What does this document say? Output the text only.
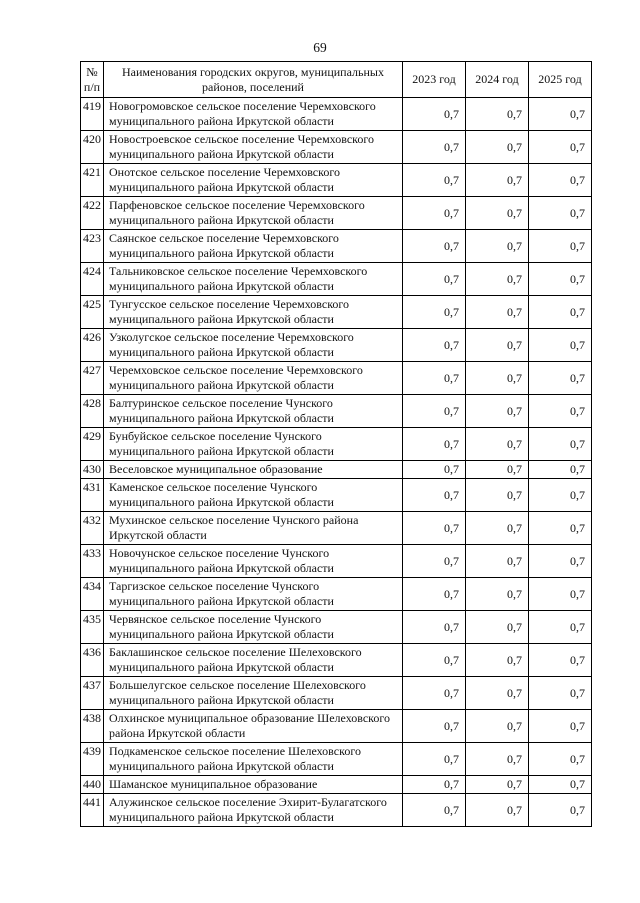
69
№ п/п	Наименования городских округов, муниципальных районов, поселений	2023 год	2024 год	2025 год
419	Новогромовское сельское поселение Черемховского муниципального района Иркутской области	0,7	0,7	0,7
420	Новостроевское сельское поселение Черемховского муниципального района Иркутской области	0,7	0,7	0,7
421	Онотское сельское поселение Черемховского муниципального района Иркутской области	0,7	0,7	0,7
422	Парфеновское сельское поселение Черемховского муниципального района Иркутской области	0,7	0,7	0,7
423	Саянское сельское поселение Черемховского муниципального района Иркутской области	0,7	0,7	0,7
424	Тальниковское сельское поселение Черемховского муниципального района Иркутской области	0,7	0,7	0,7
425	Тунгусское сельское поселение Черемховского муниципального района Иркутской области	0,7	0,7	0,7
426	Узколугское сельское поселение Черемховского муниципального района Иркутской области	0,7	0,7	0,7
427	Черемховское сельское поселение Черемховского муниципального района Иркутской области	0,7	0,7	0,7
428	Балтуринское сельское поселение Чунского муниципального района Иркутской области	0,7	0,7	0,7
429	Бунбуйское сельское поселение Чунского муниципального района Иркутской области	0,7	0,7	0,7
430	Веселовское муниципальное образование	0,7	0,7	0,7
431	Каменское сельское поселение Чунского муниципального района Иркутской области	0,7	0,7	0,7
432	Мухинское сельское поселение Чунского района Иркутской области	0,7	0,7	0,7
433	Новочунское сельское поселение Чунского муниципального района Иркутской области	0,7	0,7	0,7
434	Таргизское сельское поселение Чунского муниципального района Иркутской области	0,7	0,7	0,7
435	Червянское сельское поселение Чунского муниципального района Иркутской области	0,7	0,7	0,7
436	Баклашинское сельское поселение Шелеховского муниципального района Иркутской области	0,7	0,7	0,7
437	Большелугское сельское поселение Шелеховского муниципального района Иркутской области	0,7	0,7	0,7
438	Олхинское муниципальное образование Шелеховского района Иркутской области	0,7	0,7	0,7
439	Подкаменское сельское поселение Шелеховского муниципального района Иркутской области	0,7	0,7	0,7
440	Шаманское муниципальное образование	0,7	0,7	0,7
441	Алужинское сельское поселение Эхирит-Булагатского муниципального района Иркутской области	0,7	0,7	0,7
